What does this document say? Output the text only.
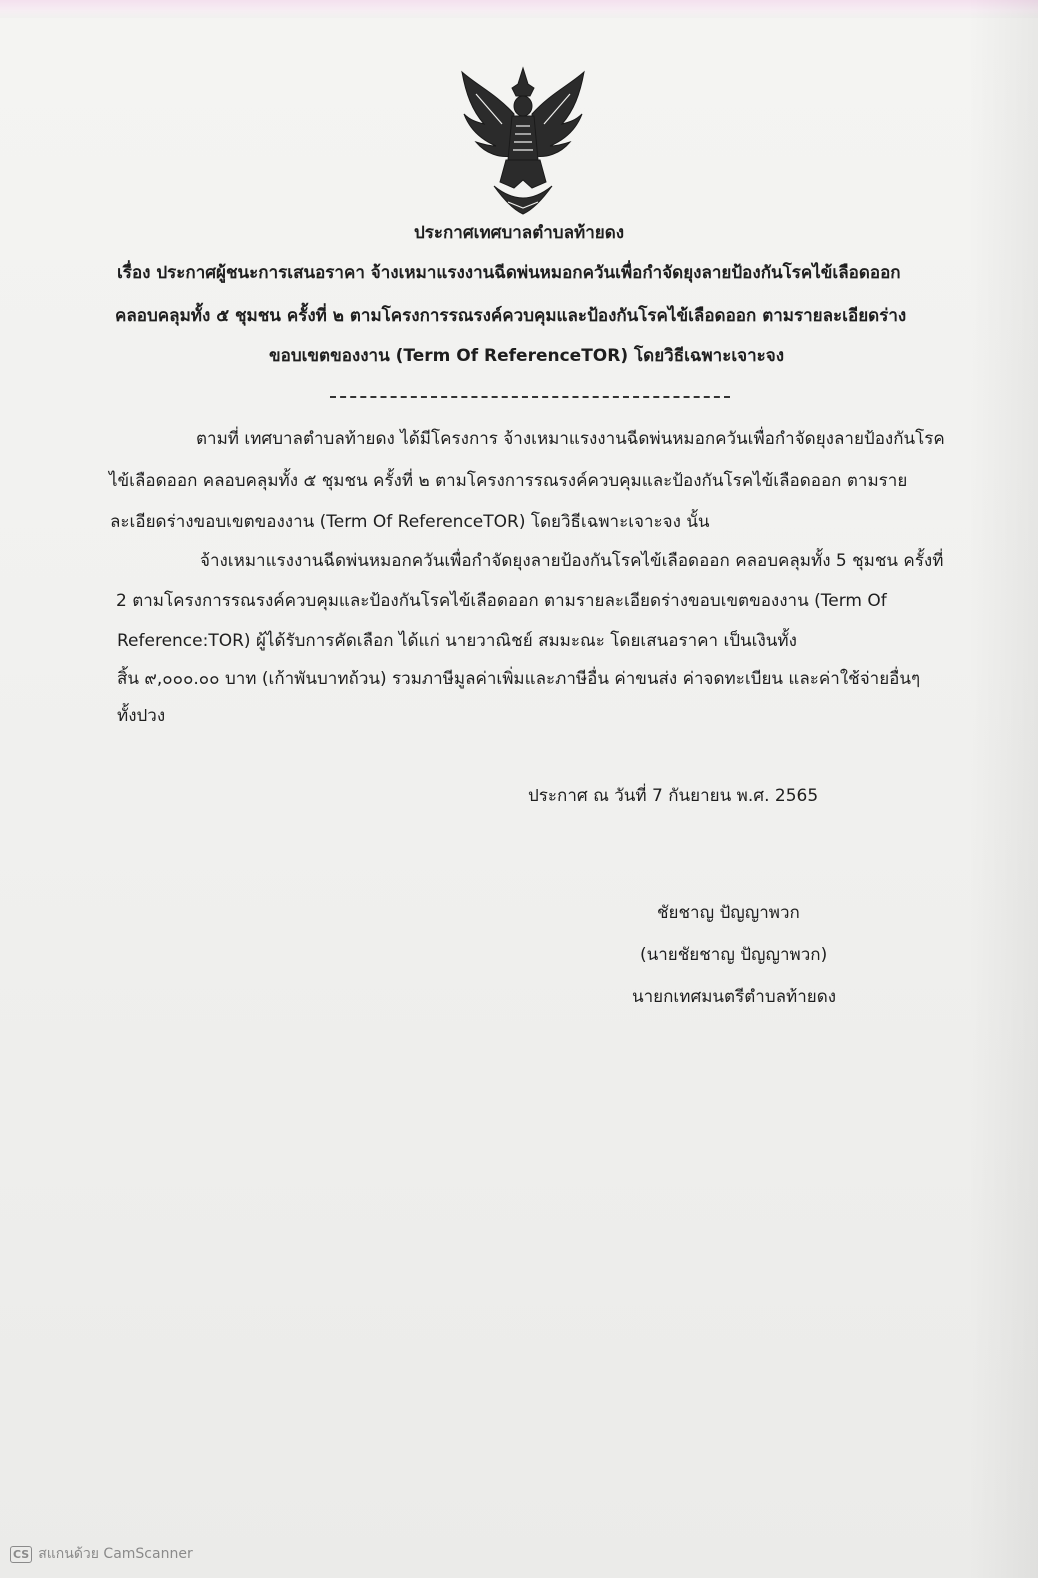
ประกาศเทศบาลตำบลท้ายดง
เรื่อง ประกาศผู้ชนะการเสนอราคา จ้างเหมาแรงงานฉีดพ่นหมอกควันเพื่อกำจัดยุงลายป้องกันโรคไข้เลือดออก
คลอบคลุมทั้ง ๕ ชุมชน ครั้งที่ ๒ ตามโครงการรณรงค์ควบคุมและป้องกันโรคไข้เลือดออก ตามรายละเอียดร่าง
ขอบเขตของงาน (Term Of ReferenceTOR) โดยวิธีเฉพาะเจาะจง
ตามที่ เทศบาลตำบลท้ายดง ได้มีโครงการ จ้างเหมาแรงงานฉีดพ่นหมอกควันเพื่อกำจัดยุงลายป้องกันโรค
ไข้เลือดออก คลอบคลุมทั้ง ๕ ชุมชน ครั้งที่ ๒ ตามโครงการรณรงค์ควบคุมและป้องกันโรคไข้เลือดออก ตามราย
ละเอียดร่างขอบเขตของงาน (Term Of ReferenceTOR) โดยวิธีเฉพาะเจาะจง นั้น
จ้างเหมาแรงงานฉีดพ่นหมอกควันเพื่อกำจัดยุงลายป้องกันโรคไข้เลือดออก คลอบคลุมทั้ง 5 ชุมชน ครั้งที่
2 ตามโครงการรณรงค์ควบคุมและป้องกันโรคไข้เลือดออก ตามรายละเอียดร่างขอบเขตของงาน (Term Of
Reference:TOR) ผู้ได้รับการคัดเลือก ได้แก่ นายวาณิชย์ สมมะณะ โดยเสนอราคา เป็นเงินทั้ง
สิ้น ๙,๐๐๐.๐๐ บาท (เก้าพันบาทถ้วน) รวมภาษีมูลค่าเพิ่มและภาษีอื่น ค่าขนส่ง ค่าจดทะเบียน และค่าใช้จ่ายอื่นๆ
ทั้งปวง
ประกาศ ณ วันที่ 7 กันยายน พ.ศ. 2565
ชัยชาญ ปัญญาพวก
(นายชัยชาญ ปัญญาพวก)
นายกเทศมนตรีตำบลท้ายดง
CS สแกนด้วย CamScanner
